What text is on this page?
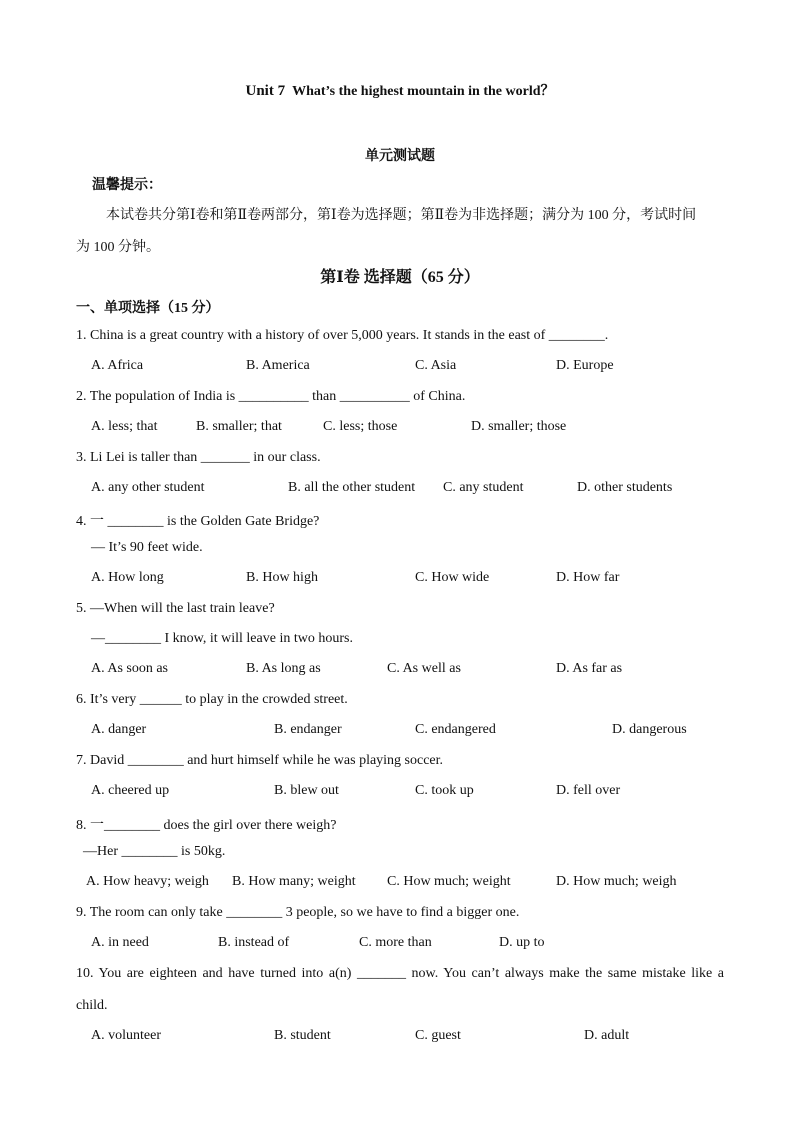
Unit 7 What’s the highest mountain in the world？
单元测试题
温馨提示：
本试卷共分第Ⅰ卷和第Ⅱ卷两部分，第Ⅰ卷为选择题；第Ⅱ卷为非选择题；满分为 100 分，考试时间
为 100 分钟。
第Ⅰ卷 选择题（65 分）
一、单项选择（15 分）
1. China is a great country with a history of over 5,000 years. It stands in the east of ________.
A. Africa	B. America	C. Asia	D. Europe
2. The population of India is __________ than __________ of China.
A. less; that	B. smaller; that	C. less; those	D. smaller; those
3. Li Lei is taller than _______ in our class.
A. any other student	B. all the other student C. any student	D. other students
4. 一 ________ is the Golden Gate Bridge?
— It’s 90 feet wide.
A. How long	B. How high	C. How wide	D. How far
5. —When will the last train leave?
—________ I know, it will leave in two hours.
A. As soon as	B. As long as	C. As well as	D. As far as
6. It’s very ______ to play in the crowded street.
A. danger	B. endanger	C. endangered	D. dangerous
7. David ________ and hurt himself while he was playing soccer.
A. cheered up	B. blew out	C. took up	D. fell over
8. 一________ does the girl over there weigh?
—Her ________ is 50kg.
A. How heavy; weigh B. How many; weight C. How much; weight	D. How much; weigh
9. The room can only take ________ 3 people, so we have to find a bigger one.
A. in need	B. instead of	C. more than	D. up to
10. You are eighteen and have turned into a(n) _______ now. You can’t always make the same mistake like a
child.
A. volunteer	B. student	C. guest	D. adult
